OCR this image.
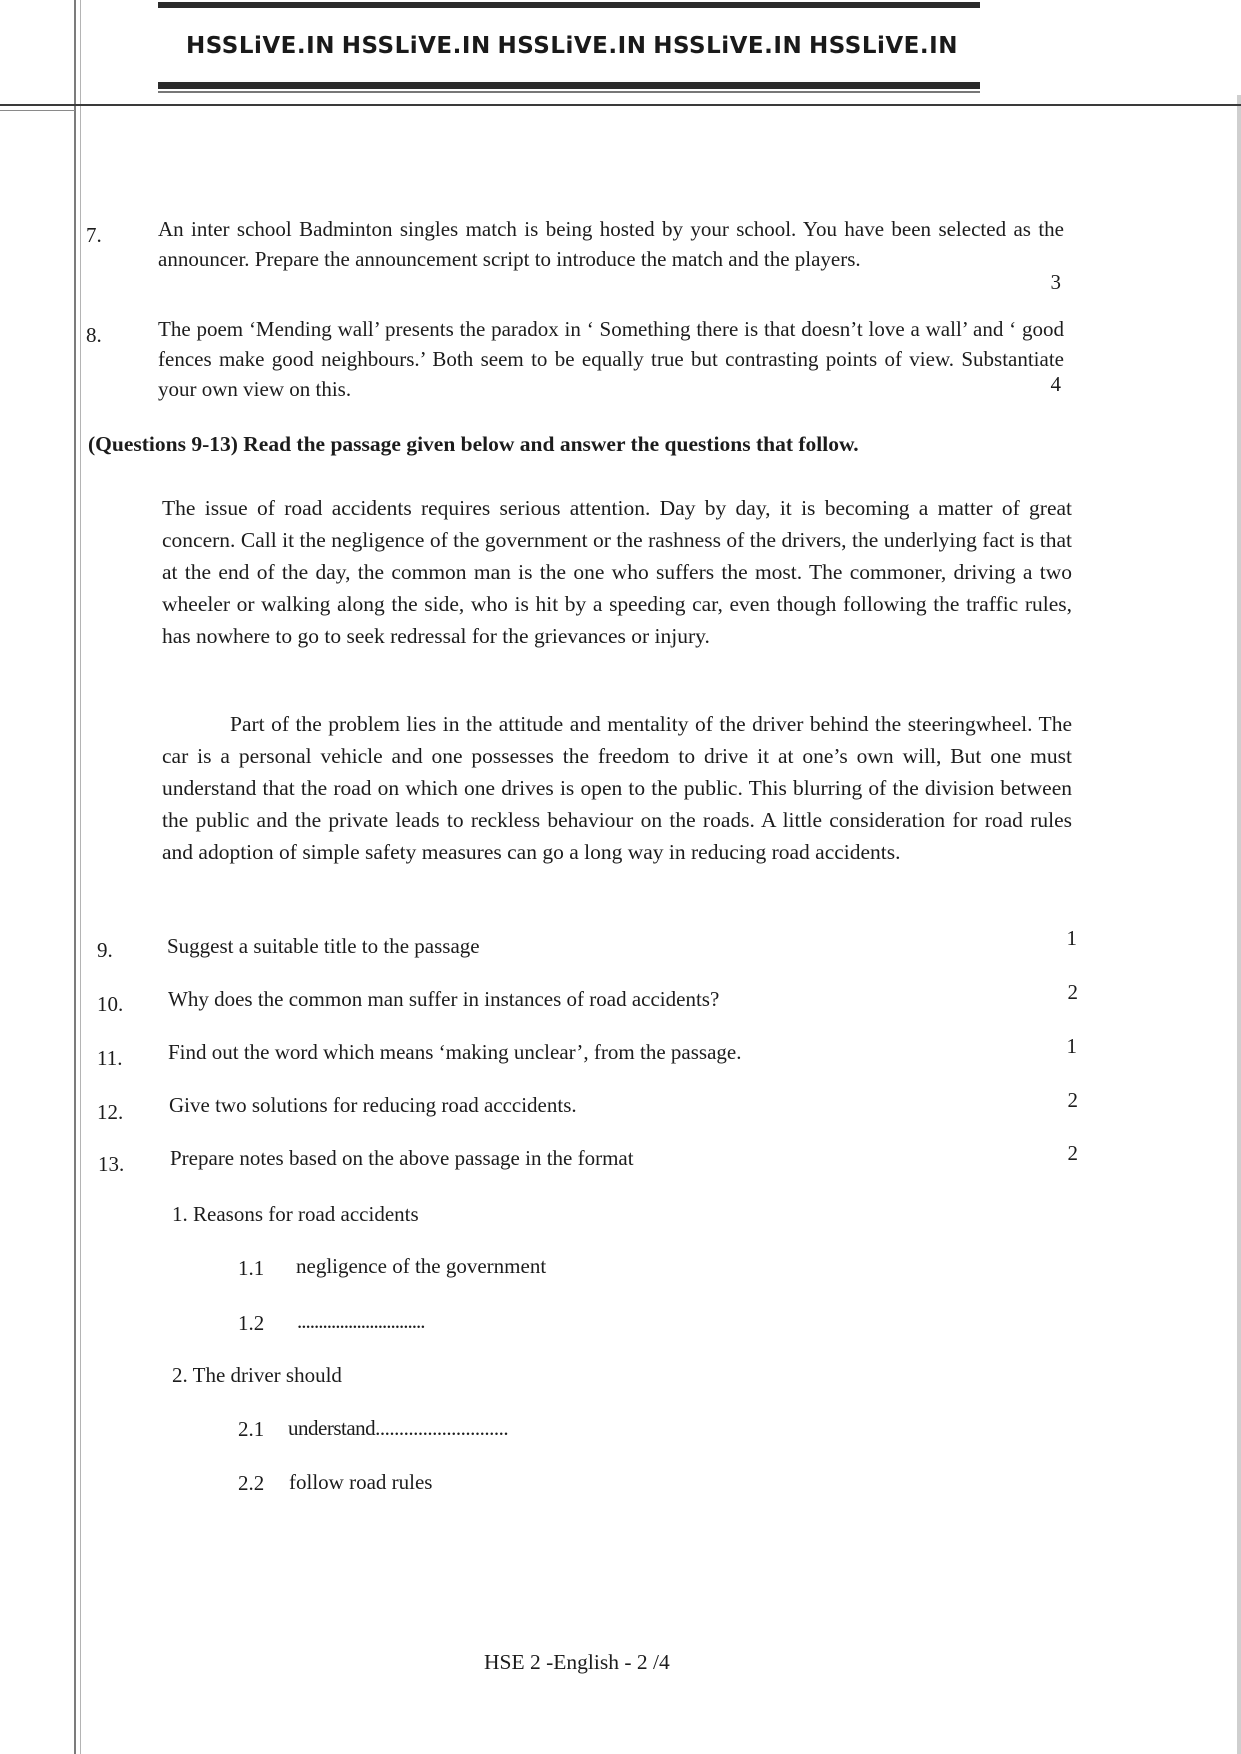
HSSLiVE.IN HSSLiVE.IN HSSLiVE.IN HSSLiVE.IN HSSLiVE.IN
7.	An inter school Badminton singles match is being hosted by your school. You have been selected as the announcer. Prepare the announcement script to introduce the match and the players.
3
8.	The poem ‘Mending wall’ presents the paradox in ‘ Something there is that doesn’t love a wall’ and ‘ good fences make good neighbours.’ Both seem to be equally true but contrasting points of view. Substantiate your own view on this.	4
(Questions 9-13) Read the passage given below and answer the questions that follow.

The issue of road accidents requires serious attention. Day by day, it is becoming a matter of great concern. Call it the negligence of the government or the rashness of the drivers, the underlying fact is that at the end of the day, the common man is the one who suffers the most. The commoner, driving a two wheeler or walking along the side, who is hit by a speeding car, even though following the traffic rules, has nowhere to go to seek redressal for the grievances or injury.

Part of the problem lies in the attitude and mentality of the driver behind the steeringwheel. The car is a personal vehicle and one possesses the freedom to drive it at one’s own will, But one must understand that the road on which one drives is open to the public. This blurring of the division between the public and the private leads to reckless behaviour on the roads. A little consideration for road rules and adoption of simple safety measures can go a long way in reducing road accidents.

9.	Suggest a suitable title to the passage	1
10. Why does the common man suffer in instances of road accidents?	2
11. Find out the word which means ‘making unclear’, from the passage.	1
12. Give two solutions for reducing road acccidents.	2
13. Prepare notes based on the above passage in the format	2
1. Reasons for road accidents
1.1 negligence of the government
1.2 ..............................
2. The driver should
2.1 understand............................
2.2 follow road rules
HSE 2 -English - 2 /4
